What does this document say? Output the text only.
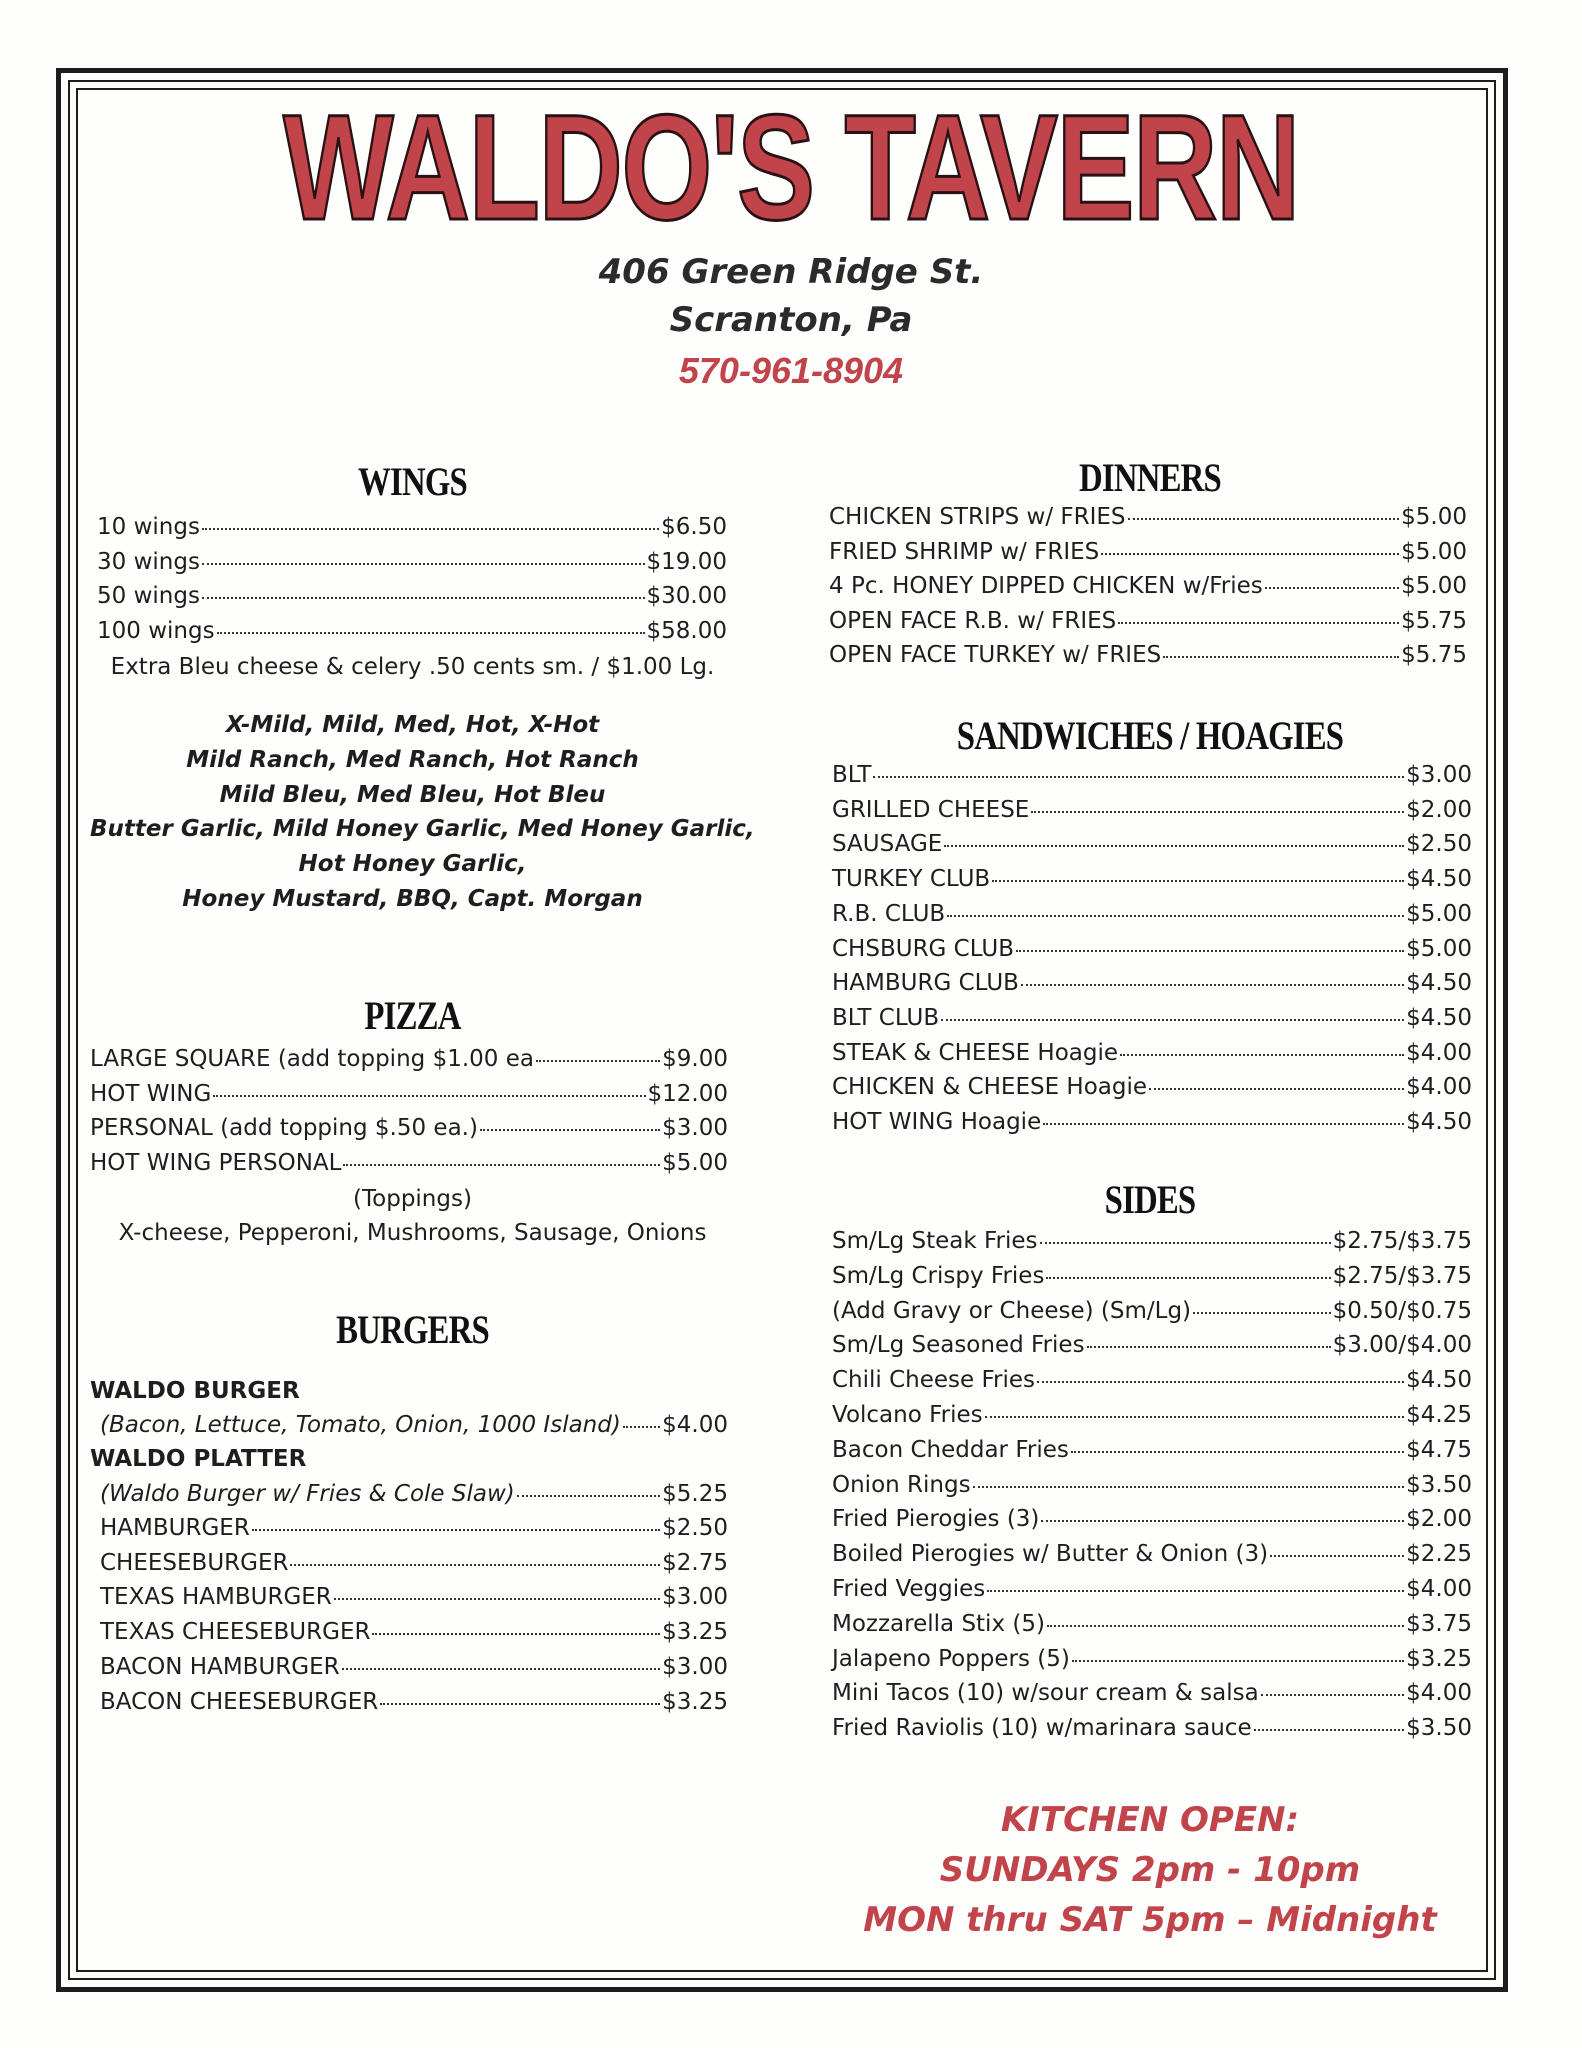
WALDO'S TAVERN
406 Green Ridge St.
Scranton, Pa
570-961-8904
WINGS
10 wings	$6.50
30 wings	$19.00
50 wings	$30.00
100 wings	$58.00
Extra Bleu cheese & celery .50 cents sm. / $1.00 Lg.
X-Mild, Mild, Med, Hot, X-Hot
Mild Ranch, Med Ranch, Hot Ranch
Mild Bleu, Med Bleu, Hot Bleu
Butter Garlic, Mild Honey Garlic, Med Honey Garlic,
Hot Honey Garlic,
Honey Mustard, BBQ, Capt. Morgan
PIZZA
LARGE SQUARE (add topping $1.00 ea	$9.00
HOT WING	$12.00
PERSONAL (add topping $.50 ea.)	$3.00
HOT WING PERSONAL	$5.00
(Toppings)
X-cheese, Pepperoni, Mushrooms, Sausage, Onions
BURGERS
WALDO BURGER
(Bacon, Lettuce, Tomato, Onion, 1000 Island) $4.00
WALDO PLATTER
(Waldo Burger w/ Fries & Cole Slaw)	$5.25
HAMBURGER	$2.50
CHEESEBURGER	$2.75
TEXAS HAMBURGER	$3.00
TEXAS CHEESEBURGER	$3.25
BACON HAMBURGER	$3.00
BACON CHEESEBURGER	$3.25
DINNERS
CHICKEN STRIPS w/ FRIES	$5.00
FRIED SHRIMP w/ FRIES	$5.00
4 Pc. HONEY DIPPED CHICKEN w/Fries	$5.00
OPEN FACE R.B. w/ FRIES	$5.75
OPEN FACE TURKEY w/ FRIES	$5.75
SANDWICHES / HOAGIES
BLT	$3.00
GRILLED CHEESE	$2.00
SAUSAGE	$2.50
TURKEY CLUB	$4.50
R.B. CLUB	$5.00
CHSBURG CLUB	$5.00
HAMBURG CLUB	$4.50
BLT CLUB	$4.50
STEAK & CHEESE Hoagie	$4.00
CHICKEN & CHEESE Hoagie	$4.00
HOT WING Hoagie	$4.50
SIDES
Sm/Lg Steak Fries	$2.75/$3.75
Sm/Lg Crispy Fries	$2.75/$3.75
(Add Gravy or Cheese) (Sm/Lg)	$0.50/$0.75
Sm/Lg Seasoned Fries	$3.00/$4.00
Chili Cheese Fries	$4.50
Volcano Fries	$4.25
Bacon Cheddar Fries	$4.75
Onion Rings	$3.50
Fried Pierogies (3)	$2.00
Boiled Pierogies w/ Butter & Onion (3)	$2.25
Fried Veggies	$4.00
Mozzarella Stix (5)	$3.75
Jalapeno Poppers (5)	$3.25
Mini Tacos (10) w/sour cream & salsa	$4.00
Fried Raviolis (10) w/marinara sauce	$3.50
KITCHEN OPEN:
SUNDAYS 2pm - 10pm
MON thru SAT 5pm – Midnight
